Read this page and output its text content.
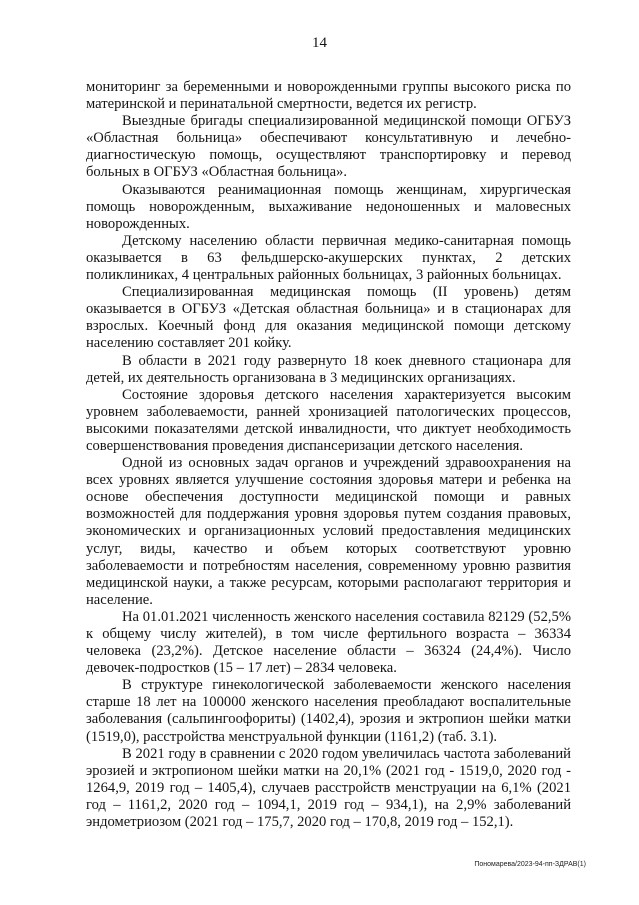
14

мониторинг за беременными и новорожденными группы высокого риска по материнской и перинатальной смертности, ведется их регистр.

Выездные бригады специализированной медицинской помощи ОГБУЗ «Областная больница» обеспечивают консультативную и лечебно-диагностическую помощь, осуществляют транспортировку и перевод больных в ОГБУЗ «Областная больница».

Оказываются реанимационная помощь женщинам, хирургическая помощь новорожденным, выхаживание недоношенных и маловесных новорожденных.

Детскому населению области первичная медико-санитарная помощь оказывается в 63 фельдшерско-акушерских пунктах, 2 детских поликлиниках, 4 центральных районных больницах, 3 районных больницах.

Специализированная медицинская помощь (II уровень) детям оказывается в ОГБУЗ «Детская областная больница» и в стационарах для взрослых. Коечный фонд для оказания медицинской помощи детскому населению составляет 201 койку.

В области в 2021 году развернуто 18 коек дневного стационара для детей, их деятельность организована в 3 медицинских организациях.

Состояние здоровья детского населения характеризуется высоким уровнем заболеваемости, ранней хронизацией патологических процессов, высокими показателями детской инвалидности, что диктует необходимость совершенствования проведения диспансеризации детского населения.

Одной из основных задач органов и учреждений здравоохранения на всех уровнях является улучшение состояния здоровья матери и ребенка на основе обеспечения доступности медицинской помощи и равных возможностей для поддержания уровня здоровья путем создания правовых, экономических и организационных условий предоставления медицинских услуг, виды, качество и объем которых соответствуют уровню заболеваемости и потребностям населения, современному уровню развития медицинской науки, а также ресурсам, которыми располагают территория и население.

На 01.01.2021 численность женского населения составила 82129 (52,5% к общему числу жителей), в том числе фертильного возраста – 36334 человека (23,2%). Детское население области – 36324 (24,4%). Число девочек-подростков (15 – 17 лет) – 2834 человека.

В структуре гинекологической заболеваемости женского населения старше 18 лет на 100000 женского населения преобладают воспалительные заболевания (сальпингоофориты) (1402,4), эрозия и эктропион шейки матки (1519,0), расстройства менструальной функции (1161,2) (таб. 3.1).

В 2021 году в сравнении с 2020 годом увеличилась частота заболеваний эрозией и эктропионом шейки матки на 20,1% (2021 год - 1519,0, 2020 год - 1264,9, 2019 год – 1405,4), случаев расстройств менструации на 6,1% (2021 год – 1161,2, 2020 год – 1094,1, 2019 год – 934,1), на 2,9% заболеваний эндометриозом (2021 год – 175,7, 2020 год – 170,8, 2019 год – 152,1).

Пономарева/2023-94-пп-ЗДРАВ(1)
